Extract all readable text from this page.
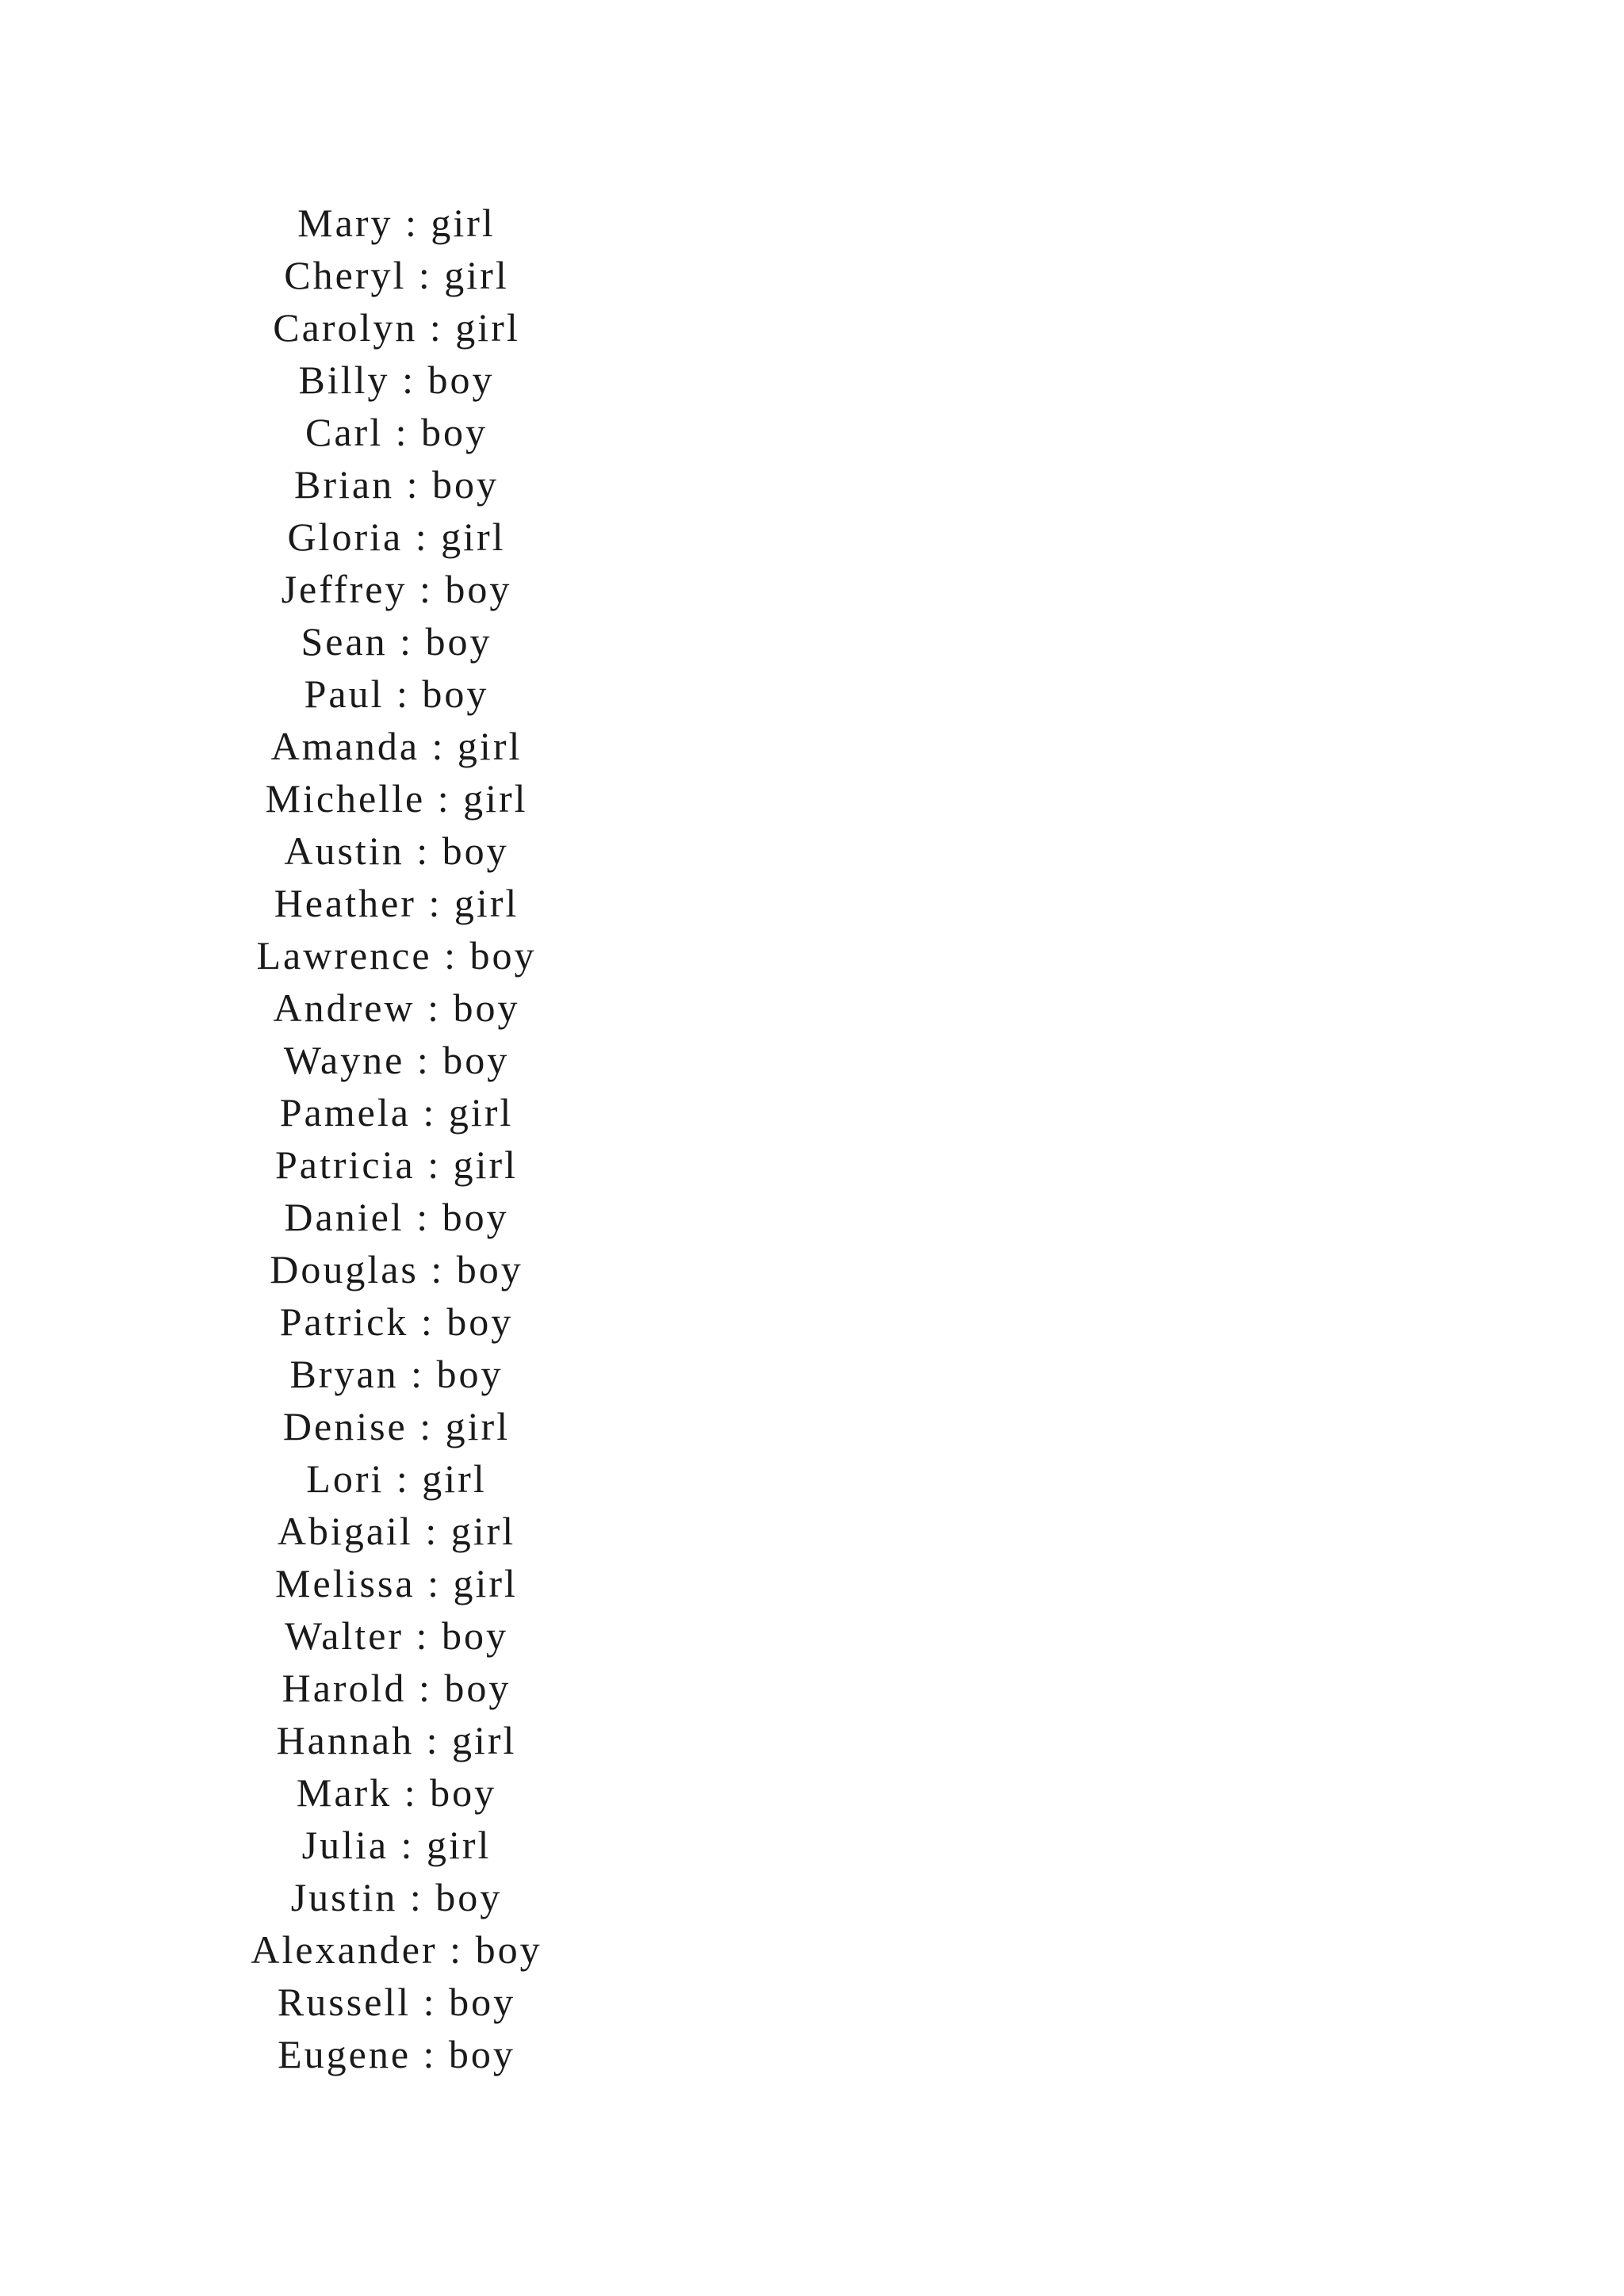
Mary : girl
Cheryl : girl
Carolyn : girl
Billy : boy
Carl : boy
Brian : boy
Gloria : girl
Jeffrey : boy
Sean : boy
Paul : boy
Amanda : girl
Michelle : girl
Austin : boy
Heather : girl
Lawrence : boy
Andrew : boy
Wayne : boy
Pamela : girl
Patricia : girl
Daniel : boy
Douglas : boy
Patrick : boy
Bryan : boy
Denise : girl
Lori : girl
Abigail : girl
Melissa : girl
Walter : boy
Harold : boy
Hannah : girl
Mark : boy
Julia : girl
Justin : boy
Alexander : boy
Russell : boy
Eugene : boy
